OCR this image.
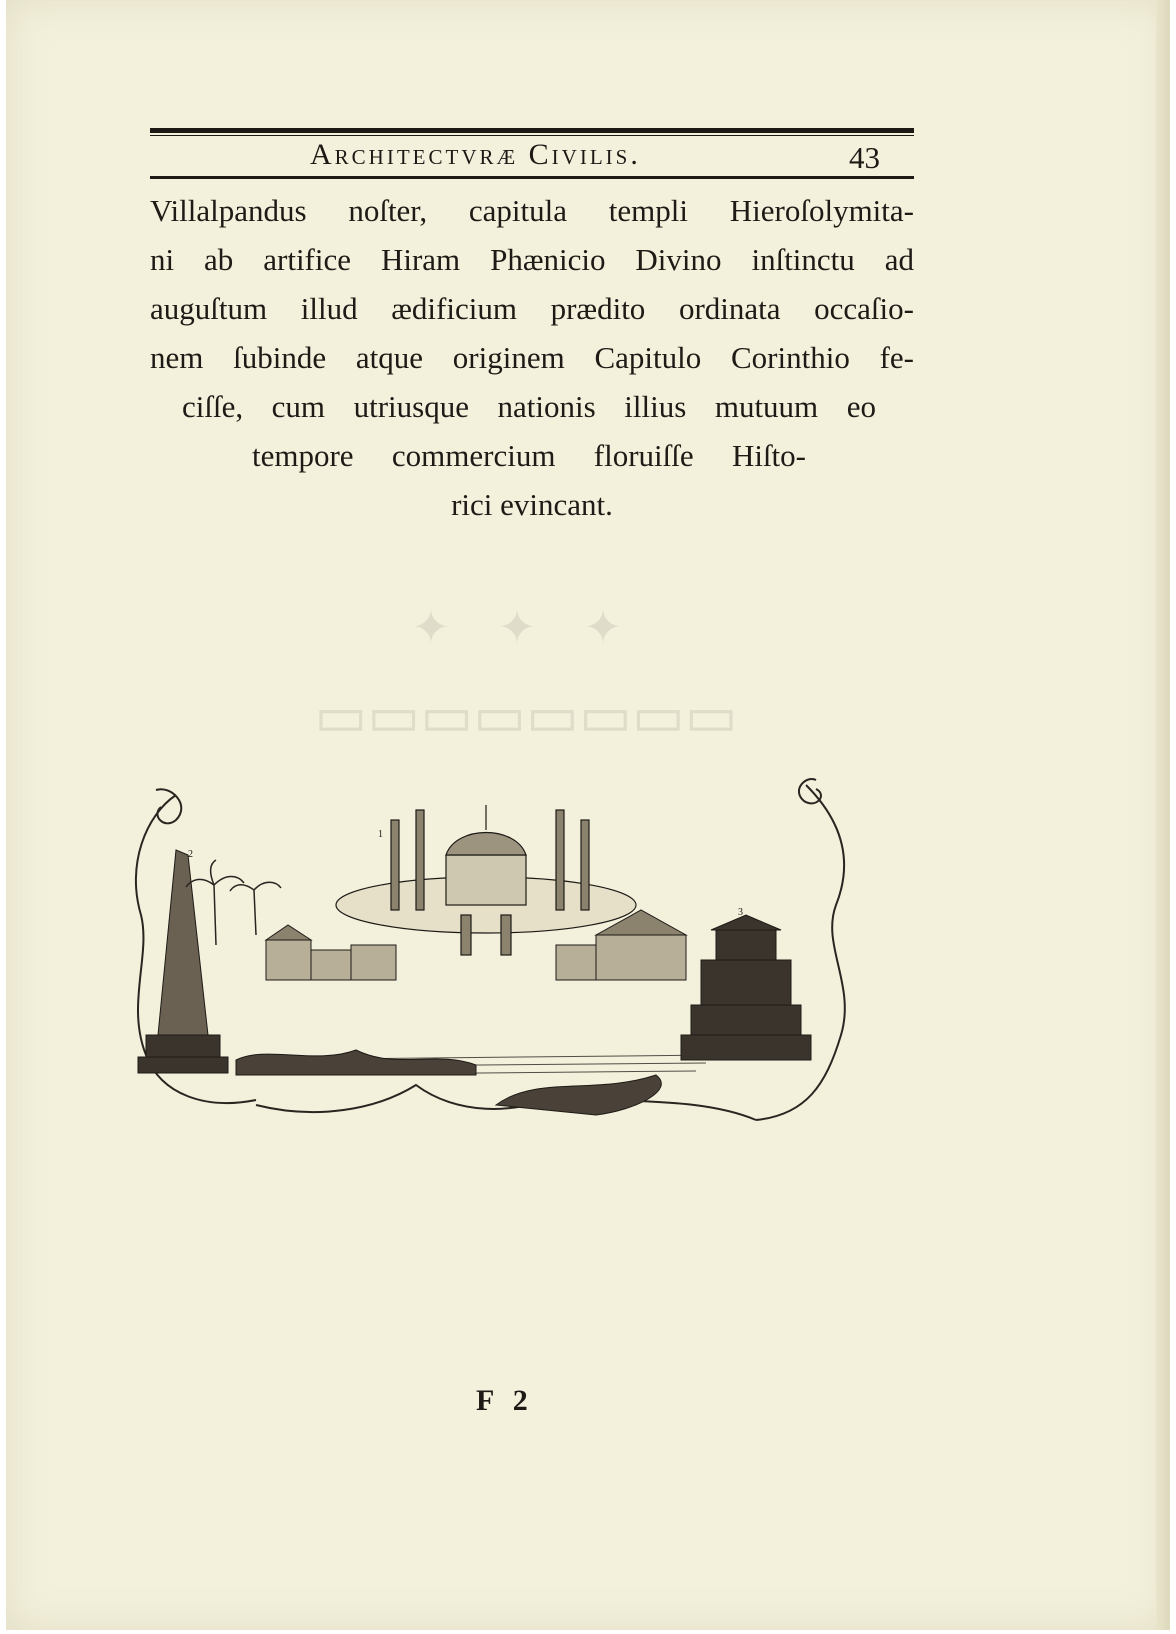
✦ ✦ ✦
▭▭▭▭▭▭▭▭
Architectvræ Civilis.	43
Villalpandus noſter, capitula templi Hieroſolymita-
ni ab artifice Hiram Phænicio Divino inſtinctu ad
auguſtum illud ædificium prædito ordinata occaſio-
nem ſubinde atque originem Capitulo Corinthio fe-
ciſſe, cum utriusque nationis illius mutuum eo
tempore commercium floruiſſe Hiſto-
rici evincant.
2
3
1
F 2
